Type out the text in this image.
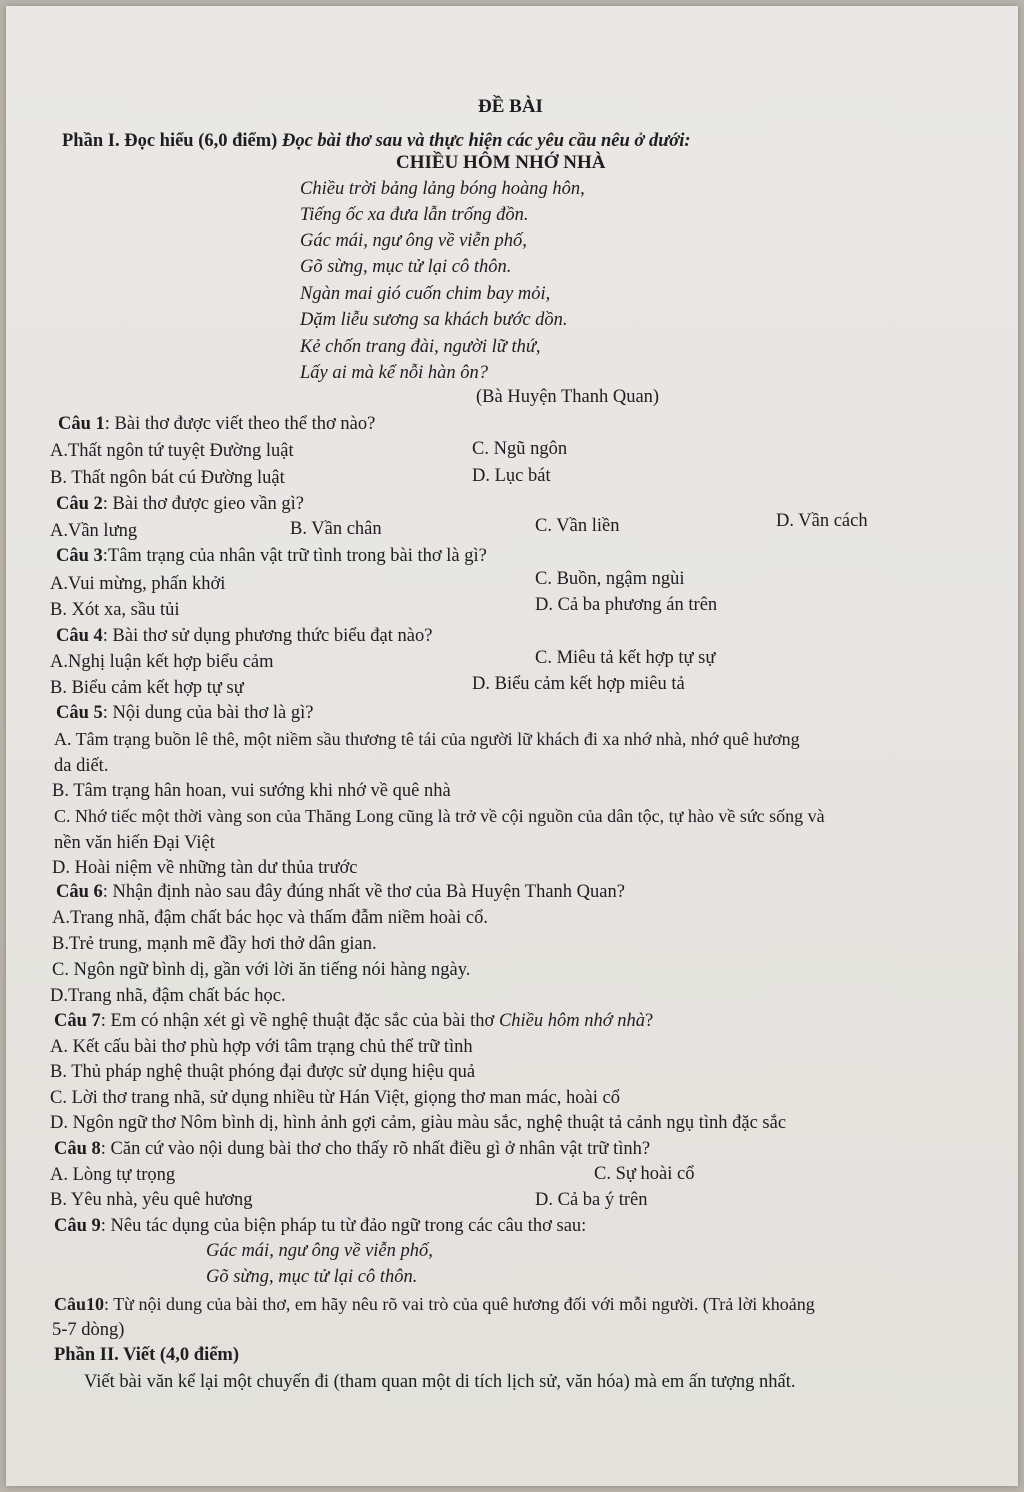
ĐỀ BÀI
Phần I. Đọc hiểu (6,0 điểm) Đọc bài thơ sau và thực hiện các yêu cầu nêu ở dưới:
CHIỀU HÔM NHỚ NHÀ
Chiều trời bảng lảng bóng hoàng hôn,
Tiếng ốc xa đưa lẫn trống đồn.
Gác mái, ngư ông về viễn phố,
Gõ sừng, mục tử lại cô thôn.
Ngàn mai gió cuốn chim bay mỏi,
Dặm liễu sương sa khách bước dồn.
Kẻ chốn trang đài, người lữ thứ,
Lấy ai mà kể nỗi hàn ôn?
(Bà Huyện Thanh Quan)
Câu 1: Bài thơ được viết theo thể thơ nào?
A.Thất ngôn tứ tuyệt Đường luật	C. Ngũ ngôn
B. Thất ngôn bát cú Đường luật	D. Lục bát
Câu 2: Bài thơ được gieo vần gì?
A.Vần lưng	B. Vần chân	C. Vần liền	D. Vần cách
Câu 3:Tâm trạng của nhân vật trữ tình trong bài thơ là gì?
A.Vui mừng, phấn khởi	C. Buồn, ngậm ngùi
B. Xót xa, sầu tủi	D. Cả ba phương án trên
Câu 4: Bài thơ sử dụng phương thức biểu đạt nào?
A.Nghị luận kết hợp biểu cảm	C. Miêu tả kết hợp tự sự
B. Biểu cảm kết hợp tự sự	D. Biểu cảm kết hợp miêu tả
Câu 5: Nội dung của bài thơ là gì?
A. Tâm trạng buồn lê thê, một niềm sầu thương tê tái của người lữ khách đi xa nhớ nhà, nhớ quê hương
da diết.
B. Tâm trạng hân hoan, vui sướng khi nhớ về quê nhà
C. Nhớ tiếc một thời vàng son của Thăng Long cũng là trở về cội nguồn của dân tộc, tự hào về sức sống và
nền văn hiến Đại Việt
D. Hoài niệm về những tàn dư thủa trước
Câu 6: Nhận định nào sau đây đúng nhất về thơ của Bà Huyện Thanh Quan?
A.Trang nhã, đậm chất bác học và thấm đẫm niềm hoài cổ.
B.Trẻ trung, mạnh mẽ đầy hơi thở dân gian.
C. Ngôn ngữ bình dị, gần với lời ăn tiếng nói hàng ngày.
D.Trang nhã, đậm chất bác học.
Câu 7: Em có nhận xét gì về nghệ thuật đặc sắc của bài thơ Chiều hôm nhớ nhà?
A. Kết cấu bài thơ phù hợp với tâm trạng chủ thể trữ tình
B. Thủ pháp nghệ thuật phóng đại được sử dụng hiệu quả
C. Lời thơ trang nhã, sử dụng nhiều từ Hán Việt, giọng thơ man mác, hoài cổ
D. Ngôn ngữ thơ Nôm bình dị, hình ảnh gợi cảm, giàu màu sắc, nghệ thuật tả cảnh ngụ tình đặc sắc
Câu 8: Căn cứ vào nội dung bài thơ cho thấy rõ nhất điều gì ở nhân vật trữ tình?
A. Lòng tự trọng	C. Sự hoài cổ
B. Yêu nhà, yêu quê hương	D. Cả ba ý trên
Câu 9: Nêu tác dụng của biện pháp tu từ đảo ngữ trong các câu thơ sau:
Gác mái, ngư ông về viễn phố,
Gõ sừng, mục tử lại cô thôn.
Câu10: Từ nội dung của bài thơ, em hãy nêu rõ vai trò của quê hương đối với mỗi người. (Trả lời khoảng
5-7 dòng)
Phần II. Viết (4,0 điểm)
Viết bài văn kể lại một chuyến đi (tham quan một di tích lịch sử, văn hóa) mà em ấn tượng nhất.
